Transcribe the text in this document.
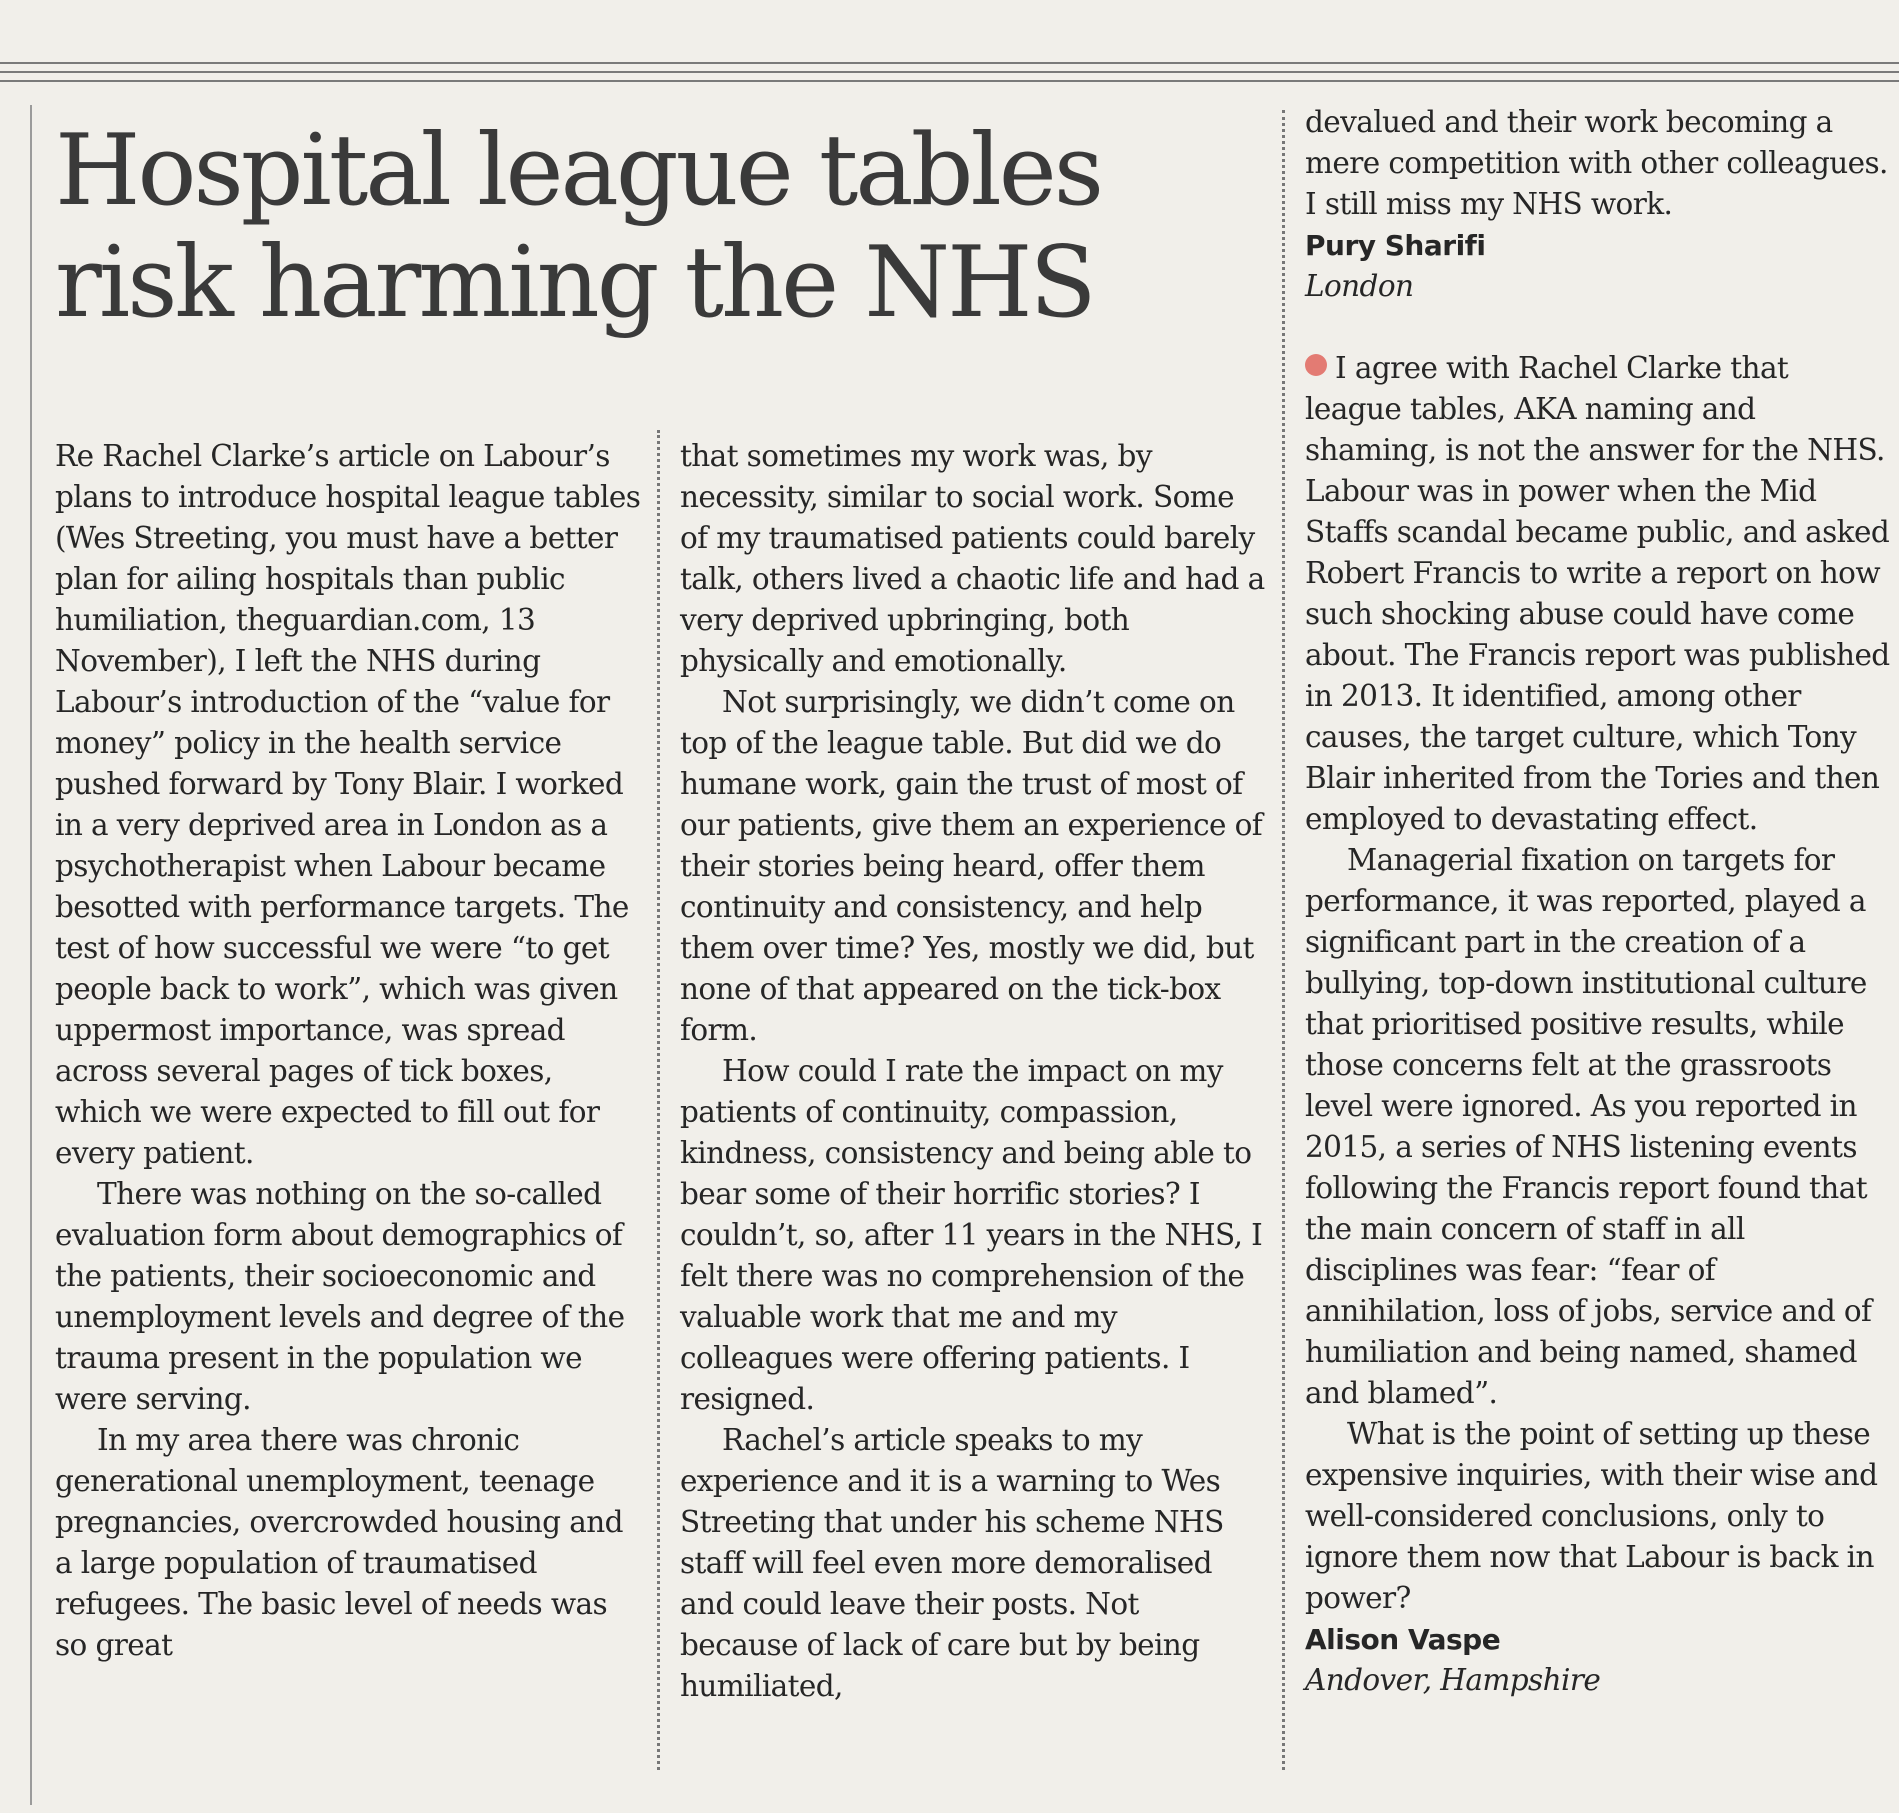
Hospital league tables
risk harming the NHS

Re Rachel Clarke’s article on Labour’s plans to introduce hospital league tables (Wes Streeting, you must have a better plan for ailing hospitals than public humiliation, theguardian.com, 13 November), I left the NHS during Labour’s introduction of the “value for money” policy in the health service pushed forward by Tony Blair. I worked in a very deprived area in London as a psychotherapist when Labour became besotted with performance targets. The test of how successful we were “to get people back to work”, which was given uppermost importance, was spread across several pages of tick boxes, which we were expected to fill out for every patient.

There was nothing on the so-called evaluation form about demographics of the patients, their socioeconomic and unemployment levels and degree of the trauma present in the population we were serving.

In my area there was chronic generational unemployment, teenage pregnancies, overcrowded housing and a large population of traumatised refugees. The basic level of needs was so great

that sometimes my work was, by necessity, similar to social work. Some of my traumatised patients could barely talk, others lived a chaotic life and had a very deprived upbringing, both physically and emotionally.

Not surprisingly, we didn’t come on top of the league table. But did we do humane work, gain the trust of most of our patients, give them an experience of their stories being heard, offer them continuity and consistency, and help them over time? Yes, mostly we did, but none of that appeared on the tick-box form.

How could I rate the impact on my patients of continuity, compassion, kindness, consistency and being able to bear some of their horrific stories? I couldn’t, so, after 11 years in the NHS, I felt there was no comprehension of the valuable work that me and my colleagues were offering patients. I resigned.

Rachel’s article speaks to my experience and it is a warning to Wes Streeting that under his scheme NHS staff will feel even more demoralised and could leave their posts. Not because of lack of care but by being humiliated,

devalued and their work becoming a mere competition with other colleagues. I still miss my NHS work.

Pury Sharifi
London

I agree with Rachel Clarke that league tables, AKA naming and shaming, is not the answer for the NHS. Labour was in power when the Mid Staffs scandal became public, and asked Robert Francis to write a report on how such shocking abuse could have come about. The Francis report was published in 2013. It identified, among other causes, the target culture, which Tony Blair inherited from the Tories and then employed to devastating effect.

Managerial fixation on targets for performance, it was reported, played a significant part in the creation of a bullying, top-down institutional culture that prioritised positive results, while those concerns felt at the grassroots level were ignored. As you reported in 2015, a series of NHS listening events following the Francis report found that the main concern of staff in all disciplines was fear: “fear of annihilation, loss of jobs, service and of humiliation and being named, shamed and blamed”.

What is the point of setting up these expensive inquiries, with their wise and well-considered conclusions, only to ignore them now that Labour is back in power?

Alison Vaspe
Andover, Hampshire
